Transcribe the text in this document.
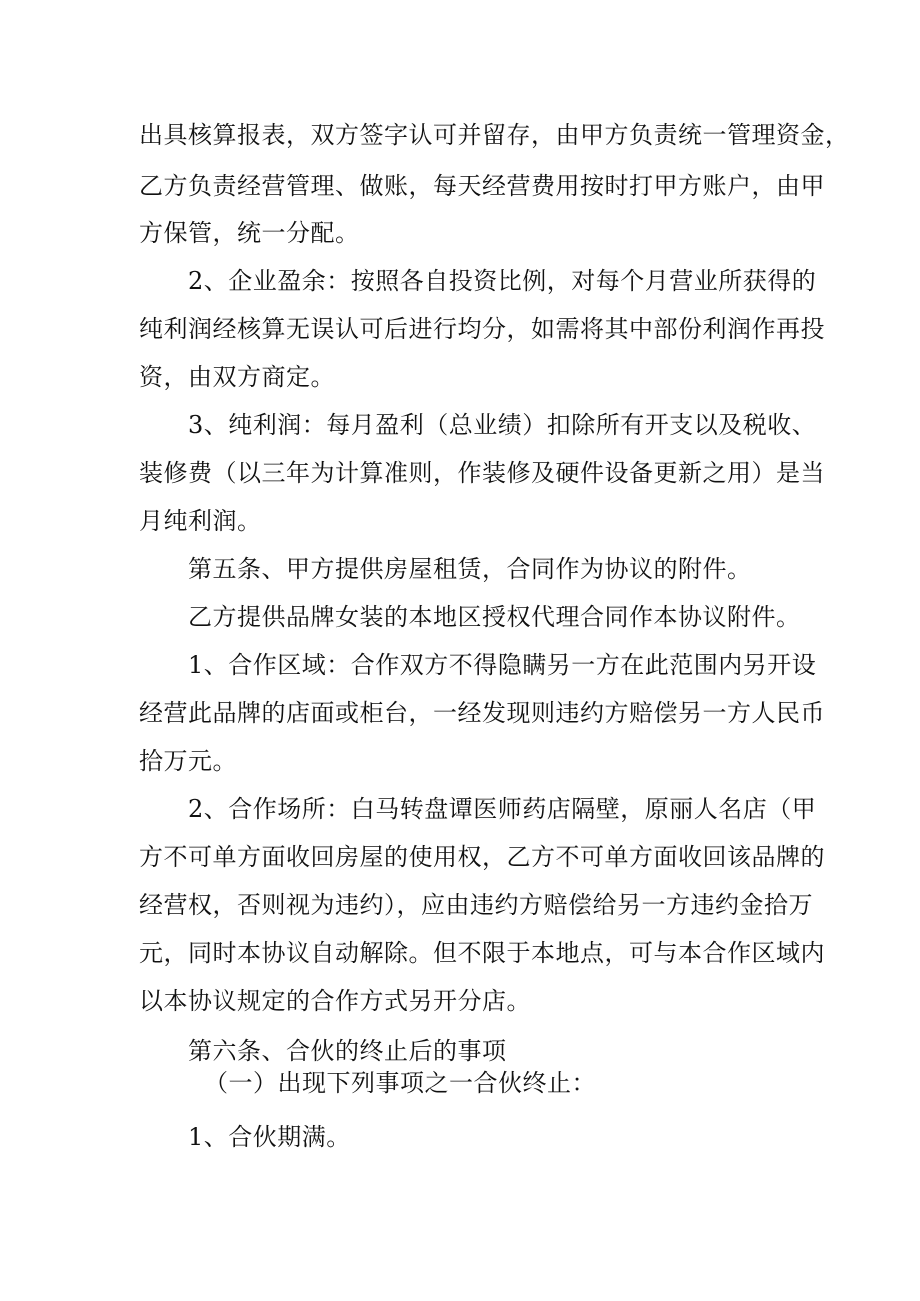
出具核算报表，双方签字认可并留存，由甲方负责统一管理资金，
乙方负责经营管理、做账，每天经营费用按时打甲方账户，由甲
方保管，统一分配。
2、企业盈余：按照各自投资比例，对每个月营业所获得的
纯利润经核算无误认可后进行均分，如需将其中部份利润作再投
资，由双方商定。
3、纯利润：每月盈利（总业绩）扣除所有开支以及税收、
装修费（以三年为计算准则，作装修及硬件设备更新之用）是当
月纯利润。
第五条、甲方提供房屋租赁，合同作为协议的附件。
乙方提供品牌女装的本地区授权代理合同作本协议附件。
1、合作区域：合作双方不得隐瞒另一方在此范围内另开设
经营此品牌的店面或柜台，一经发现则违约方赔偿另一方人民币
拾万元。
2、合作场所：白马转盘谭医师药店隔壁，原丽人名店（甲
方不可单方面收回房屋的使用权，乙方不可单方面收回该品牌的
经营权，否则视为违约），应由违约方赔偿给另一方违约金拾万
元，同时本协议自动解除。但不限于本地点，可与本合作区域内
以本协议规定的合作方式另开分店。
第六条、合伙的终止后的事项
（一）出现下列事项之一合伙终止：
1、合伙期满。
